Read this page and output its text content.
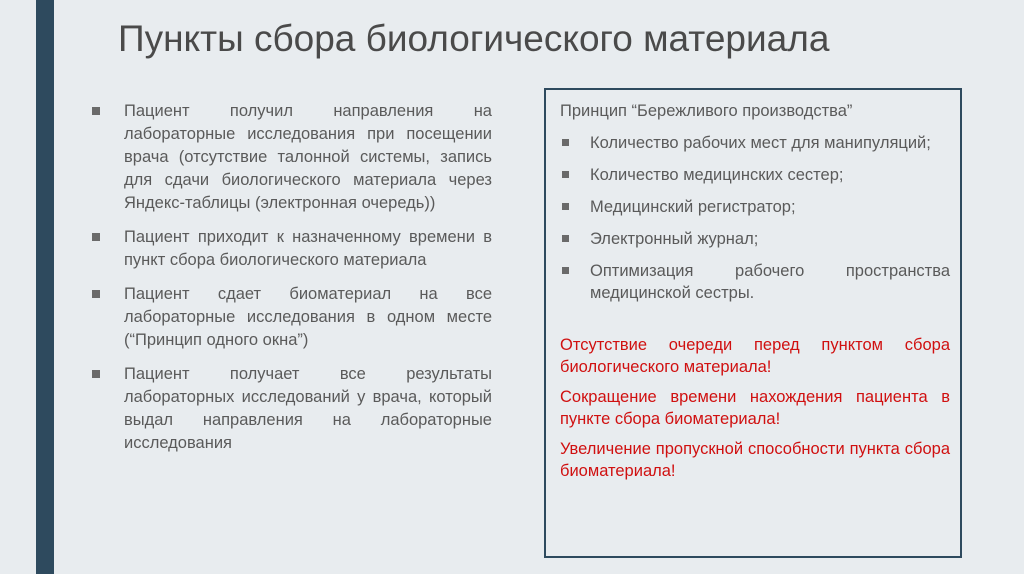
Пункты сбора биологического материала
Пациент получил направления на лабораторные исследования при посещении врача (отсутствие талонной системы, запись для сдачи биологического материала через Яндекс-таблицы (электронная очередь))
Пациент приходит к назначенному времени в пункт сбора биологического материала
Пациент сдает биоматериал на все лабораторные исследования в одном месте (“Принцип одного окна”)
Пациент получает все результаты лабораторных исследований у врача, который выдал направления на лабораторные исследования

Принцип “Бережливого производства”

Количество рабочих мест для манипуляций;
Количество медицинских сестер;
Медицинский регистратор;
Электронный журнал;
Оптимизация рабочего пространства медицинской сестры.

Отсутствие очереди перед пунктом сбора биологического материала!

Сокращение времени нахождения пациента в пункте сбора биоматериала!

Увеличение пропускной способности пункта сбора биоматериала!
